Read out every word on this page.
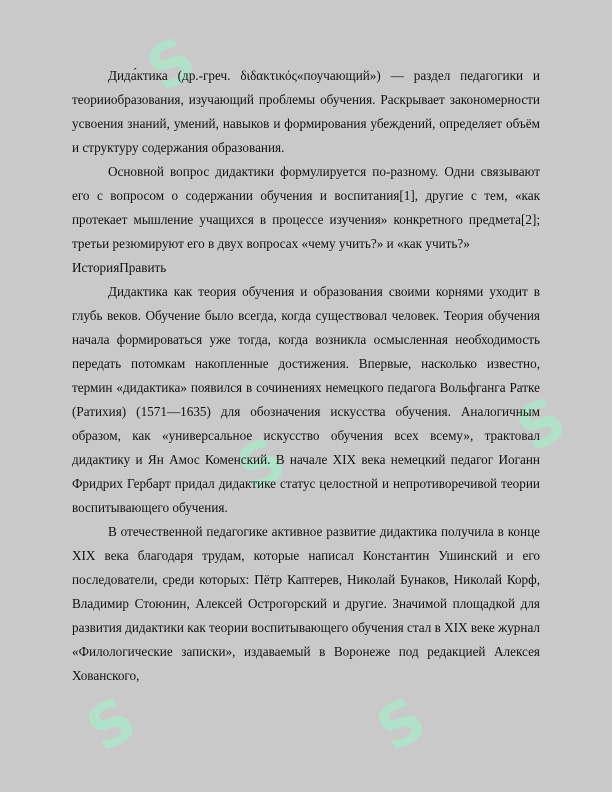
S
S
S	S
S

Дида́ктика (др.-греч. διδακτικός«поучающий») — раздел педагогики и теорииобразования, изучающий проблемы обучения. Раскрывает закономерности усвоения знаний, умений, навыков и формирования убеждений, определяет объём и структуру содержания образования.

Основной вопрос дидактики формулируется по-разному. Одни связывают его с вопросом о содержании обучения и воспитания[1], другие с тем, «как протекает мышление учащихся в процессе изучения» конкретного предмета[2]; третьи резюмируют его в двух вопросах «чему учить?» и «как учить?»

ИсторияПравить

Дидактика как теория обучения и образования своими корнями уходит в глубь веков. Обучение было всегда, когда существовал человек. Теория обучения начала формироваться уже тогда, когда возникла осмысленная необходимость передать потомкам накопленные достижения. Впервые, насколько известно, термин «дидактика» появился в сочинениях немецкого педагога Вольфганга Ратке (Ратихия) (1571—1635) для обозначения искусства обучения. Аналогичным образом, как «универсальное искусство обучения всех всему», трактовал дидактику и Ян Амос Коменский. В начале XIX века немецкий педагог Иоганн Фридрих Гербарт придал дидактике статус целостной и непротиворечивой теории воспитывающего обучения.

В отечественной педагогике активное развитие дидактика получила в конце XIX века благодаря трудам, которые написал Константин Ушинский и его последователи, среди которых: Пётр Каптерев, Николай Бунаков, Николай Корф, Владимир Стоюнин, Алексей Острогорский и другие. Значимой площадкой для развития дидактики как теории воспитывающего обучения стал в XIX веке журнал «Филологические записки», издаваемый в Воронеже под редакцией Алексея Хованского,
